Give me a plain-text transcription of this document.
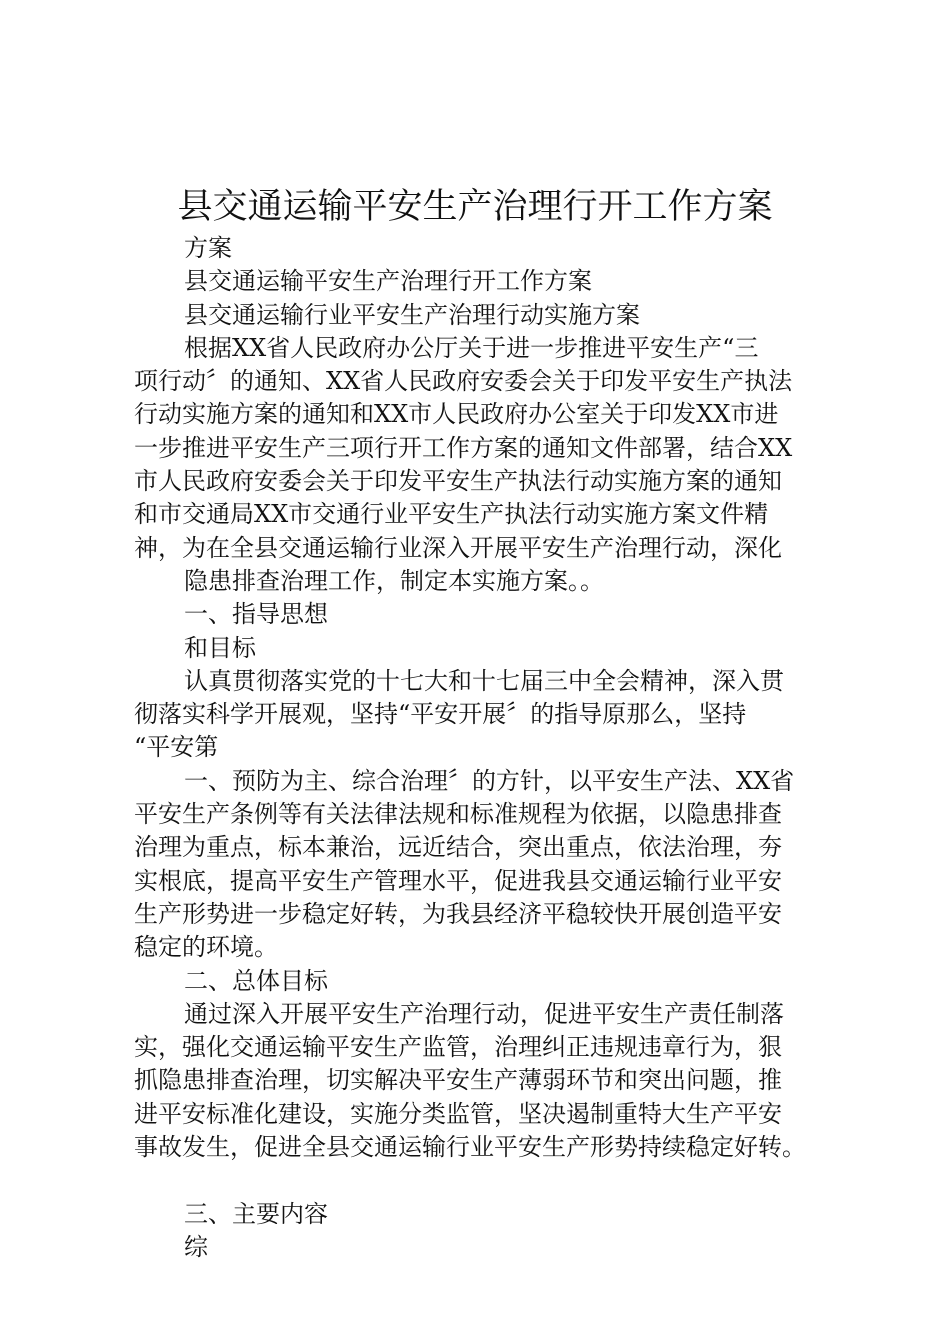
县交通运输平安生产治理行开工作方案
方案
县交通运输平安生产治理行开工作方案
县交通运输行业平安生产治理行动实施方案
根据XX省人民政府办公厅关于进一步推进平安生产“三
项行动〞的通知、XX省人民政府安委会关于印发平安生产执法
行动实施方案的通知和XX市人民政府办公室关于印发XX市进
一步推进平安生产三项行开工作方案的通知文件部署，结合XX
市人民政府安委会关于印发平安生产执法行动实施方案的通知
和市交通局XX市交通行业平安生产执法行动实施方案文件精
神，为在全县交通运输行业深入开展平安生产治理行动，深化
隐患排查治理工作，制定本实施方案。。
一、指导思想
和目标
认真贯彻落实党的十七大和十七届三中全会精神，深入贯
彻落实科学开展观，坚持“平安开展〞的指导原那么，坚持
“平安第
一、预防为主、综合治理〞的方针，以平安生产法、XX省
平安生产条例等有关法律法规和标准规程为依据，以隐患排查
治理为重点，标本兼治，远近结合，突出重点，依法治理，夯
实根底，提高平安生产管理水平，促进我县交通运输行业平安
生产形势进一步稳定好转，为我县经济平稳较快开展创造平安
稳定的环境。
二、总体目标
通过深入开展平安生产治理行动，促进平安生产责任制落
实，强化交通运输平安生产监管，治理纠正违规违章行为，狠
抓隐患排查治理，切实解决平安生产薄弱环节和突出问题，推
进平安标准化建设，实施分类监管，坚决遏制重特大生产平安
事故发生，促进全县交通运输行业平安生产形势持续稳定好转。
三、主要内容
综
